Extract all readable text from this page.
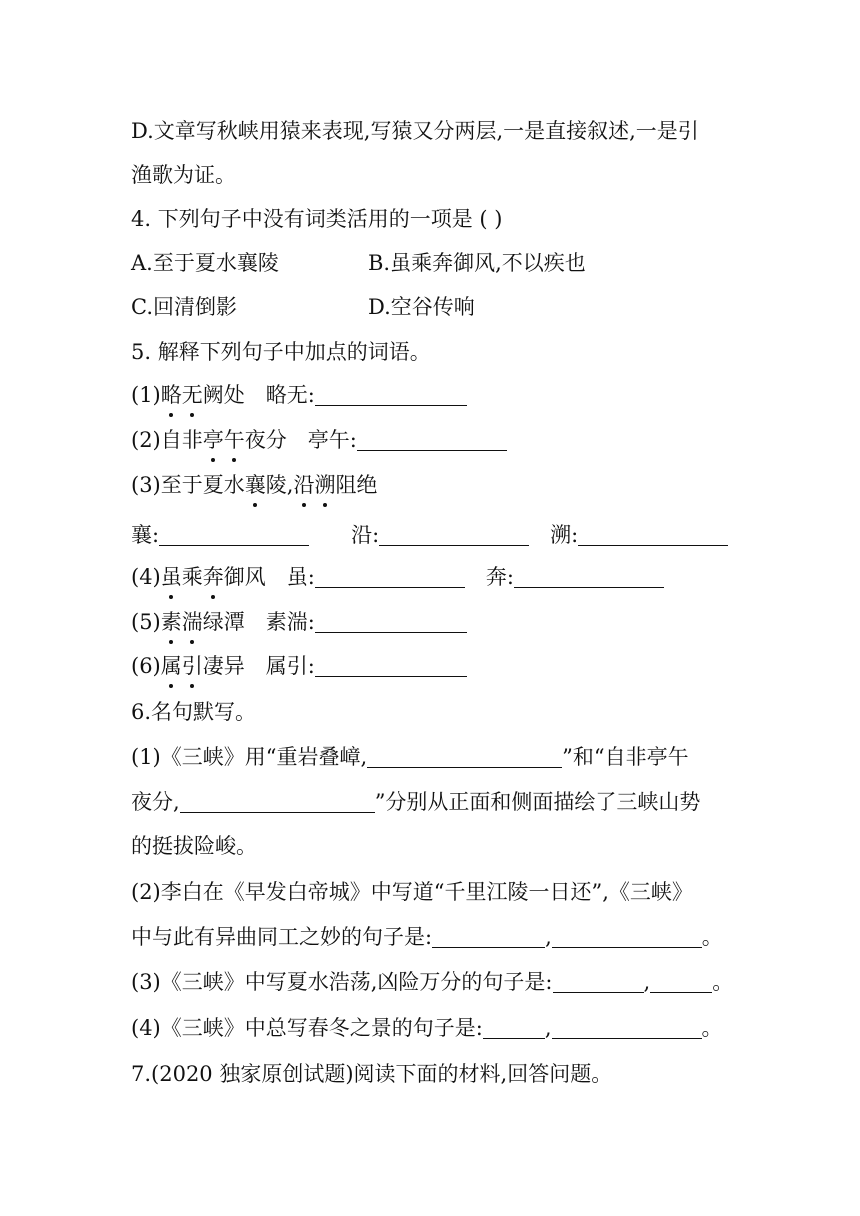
D.文章写秋峡用猿来表现,写猿又分两层,一是直接叙述,一是引
渔歌为证。
4. 下列句子中没有词类活用的一项是 ( )
A.至于夏水襄陵	B.虽乘奔御风,不以疾也
C.回清倒影	D.空谷传响
5. 解释下列句子中加点的词语。
(1)略无阙处 略无:
(2)自非亭午夜分 亭午:
(3)至于夏水襄陵,沿溯阻绝
襄:	沿:	溯:
(4)虽乘奔御风 虽:	奔:
(5)素湍绿潭 素湍:
(6)属引凄异 属引:
6.名句默写。
(1)《三峡》用“重岩叠嶂,	”和“自非亭午
夜分,	”分别从正面和侧面描绘了三峡山势
的挺拔险峻。
(2)李白在《早发白帝城》中写道“千里江陵一日还”,《三峡》
中与此有异曲同工之妙的句子是:	,	。
(3)《三峡》中写夏水浩荡,凶险万分的句子是:	,	。
(4)《三峡》中总写春冬之景的句子是:	,	。
7.(2020 独家原创试题)阅读下面的材料,回答问题。
